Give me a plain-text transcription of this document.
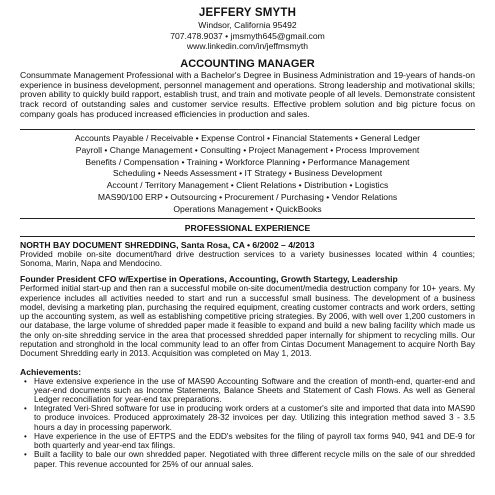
JEFFERY SMYTH
Windsor, California 95492
707.478.9037 • jmsmyth645@gmail.com
www.linkedin.com/in/jeffmsmyth
ACCOUNTING MANAGER
Consummate Management Professional with a Bachelor's Degree in Business Administration and 19-years of hands-on experience in business development, personnel management and operations. Strong leadership and motivational skills; proven ability to quickly build rapport, establish trust, and train and motivate people of all levels. Demonstrate consistent track record of outstanding sales and customer service results. Effective problem solution and big picture focus on company goals has produced increased efficiencies in production and sales.
Accounts Payable / Receivable • Expense Control • Financial Statements • General Ledger
Payroll • Change Management • Consulting • Project Management • Process Improvement
Benefits / Compensation • Training • Workforce Planning • Performance Management
Scheduling • Needs Assessment • IT Strategy • Business Development
Account / Territory Management • Client Relations • Distribution • Logistics
MAS90/100 ERP • Outsourcing • Procurement / Purchasing • Vendor Relations
Operations Management • QuickBooks
PROFESSIONAL EXPERIENCE
NORTH BAY DOCUMENT SHREDDING, Santa Rosa, CA • 6/2002 – 4/2013
Provided mobile on-site document/hard drive destruction services to a variety businesses located within 4 counties; Sonoma, Marin, Napa and Mendocino.
Founder President CFO w/Expertise in Operations, Accounting, Growth Startegy, Leadership
Performed initial start-up and then ran a successful mobile on-site document/media destruction company for 10+ years. My experience includes all activities needed to start and run a successful small business. The development of a business model, devising a marketing plan, purchasing the required equipment, creating customer contracts and work orders, setting up the accounting system, as well as establishing competitive pricing strategies. By 2006, with well over 1,200 customers in our database, the large volume of shredded paper made it feasible to expand and build a new baling facility which made us the only on-site shredding service in the area that processed shredded paper internally for shipment to recycling mills. Our reputation and stronghold in the local community lead to an offer from Cintas Document Management to acquire North Bay Document Shredding early in 2013. Acquisition was completed on May 1, 2013.
Achievements:
• Have extensive experience in the use of MAS90 Accounting Software and the creation of month-end, quarter-end and year-end documents such as Income Statements, Balance Sheets and Statement of Cash Flows. As well as General Ledger reconciliation for year-end tax preparations.
• Integrated Veri-Shred software for use in producing work orders at a customer's site and imported that data into MAS90 to produce invoices. Produced approximately 28-32 invoices per day. Utilizing this integration method saved 3 - 3.5 hours a day in processing paperwork.
• Have experience in the use of EFTPS and the EDD's websites for the filing of payroll tax forms 940, 941 and DE-9 for both quarterly and year-end tax filings.
• Built a facility to bale our own shredded paper. Negotiated with three different recycle mills on the sale of our shredded paper. This revenue accounted for 25% of our annual sales.
